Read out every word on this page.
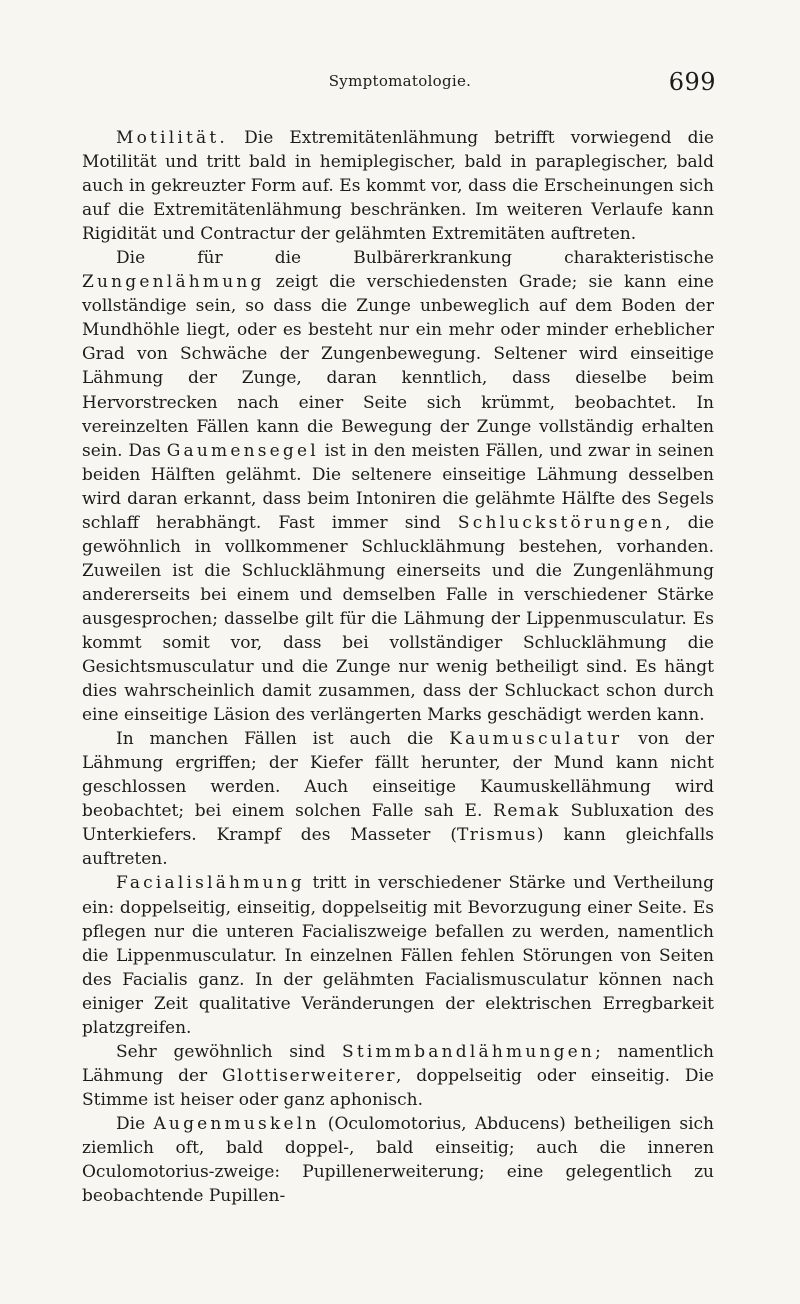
Symptomatologie.	699

Motilität. Die Extremitätenlähmung betrifft vorwiegend die Motilität und tritt bald in hemiplegischer, bald in paraplegischer, bald auch in gekreuzter Form auf. Es kommt vor, dass die Erscheinungen sich auf die Extremitätenlähmung beschränken. Im weiteren Verlaufe kann Rigidität und Contractur der gelähmten Extremitäten auftreten.

Die für die Bulbärerkrankung charakteristische Zungenlähmung zeigt die verschiedensten Grade; sie kann eine vollständige sein, so dass die Zunge unbeweglich auf dem Boden der Mundhöhle liegt, oder es besteht nur ein mehr oder minder erheblicher Grad von Schwäche der Zungenbewegung. Seltener wird einseitige Lähmung der Zunge, daran kenntlich, dass dieselbe beim Hervorstrecken nach einer Seite sich krümmt, beobachtet. In vereinzelten Fällen kann die Bewegung der Zunge vollständig erhalten sein. Das Gaumensegel ist in den meisten Fällen, und zwar in seinen beiden Hälften gelähmt. Die seltenere einseitige Lähmung desselben wird daran erkannt, dass beim Intoniren die gelähmte Hälfte des Segels schlaff herabhängt. Fast immer sind Schluckstörungen, die gewöhnlich in vollkommener Schlucklähmung bestehen, vorhanden. Zuweilen ist die Schlucklähmung einerseits und die Zungenlähmung andererseits bei einem und demselben Falle in verschiedener Stärke ausgesprochen; dasselbe gilt für die Lähmung der Lippenmusculatur. Es kommt somit vor, dass bei vollständiger Schlucklähmung die Gesichtsmusculatur und die Zunge nur wenig betheiligt sind. Es hängt dies wahrscheinlich damit zusammen, dass der Schluckact schon durch eine einseitige Läsion des verlängerten Marks geschädigt werden kann.

In manchen Fällen ist auch die Kaumusculatur von der Lähmung ergriffen; der Kiefer fällt herunter, der Mund kann nicht geschlossen werden. Auch einseitige Kaumuskellähmung wird beobachtet; bei einem solchen Falle sah E. Remak Subluxation des Unterkiefers. Krampf des Masseter (Trismus) kann gleichfalls auftreten.

Facialislähmung tritt in verschiedener Stärke und Vertheilung ein: doppelseitig, einseitig, doppelseitig mit Bevorzugung einer Seite. Es pflegen nur die unteren Facialiszweige befallen zu werden, namentlich die Lippenmusculatur. In einzelnen Fällen fehlen Störungen von Seiten des Facialis ganz. In der gelähmten Facialismusculatur können nach einiger Zeit qualitative Veränderungen der elektrischen Erregbarkeit platzgreifen.

Sehr gewöhnlich sind Stimmbandlähmungen; namentlich Lähmung der Glottiserweiterer, doppelseitig oder einseitig. Die Stimme ist heiser oder ganz aphonisch.

Die Augenmuskeln (Oculomotorius, Abducens) betheiligen sich ziemlich oft, bald doppel-, bald einseitig; auch die inneren Oculomotorius-zweige: Pupillenerweiterung; eine gelegentlich zu beobachtende Pupillen-
